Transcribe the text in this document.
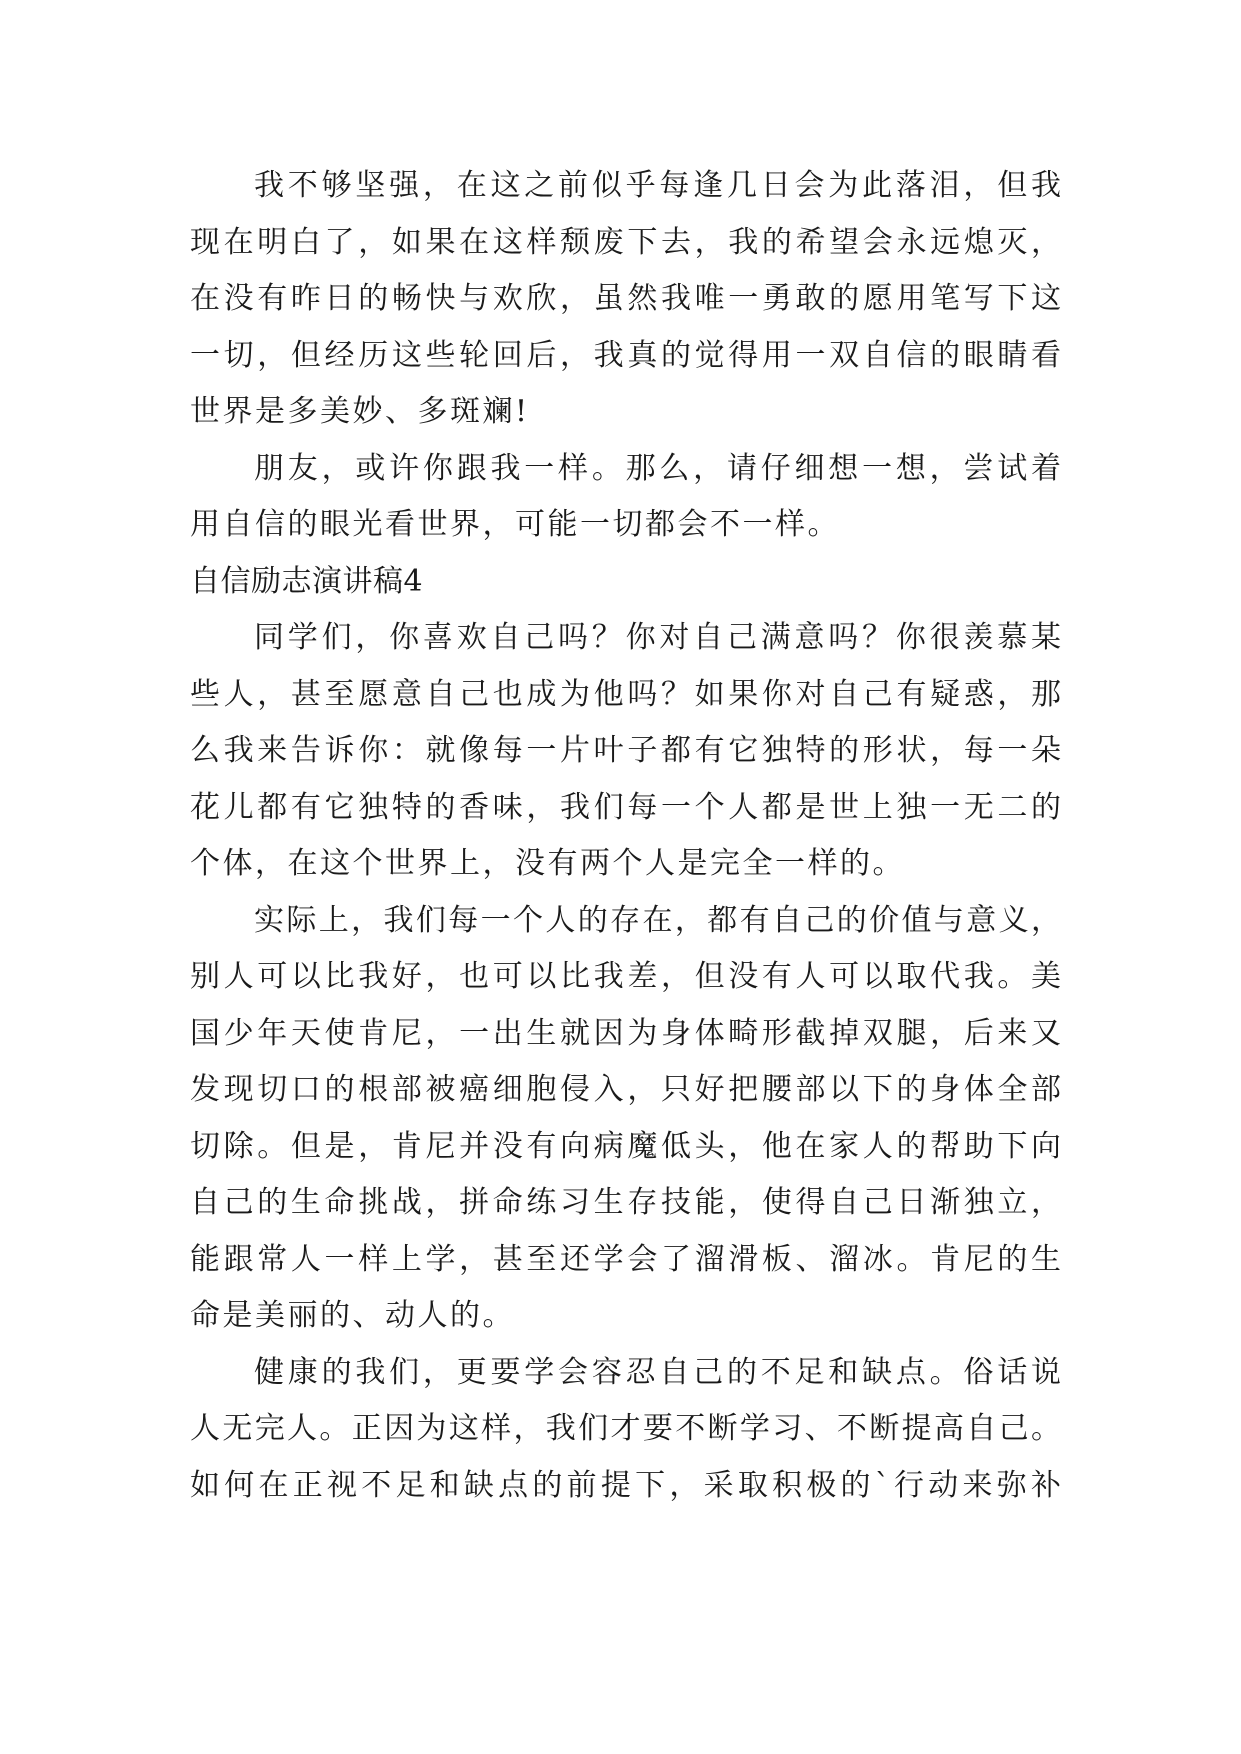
我不够坚强，在这之前似乎每逢几日会为此落泪，但我
现在明白了，如果在这样颓废下去，我的希望会永远熄灭，
在没有昨日的畅快与欢欣，虽然我唯一勇敢的愿用笔写下这
一切，但经历这些轮回后，我真的觉得用一双自信的眼睛看
世界是多美妙、多斑斓!
朋友，或许你跟我一样。那么，请仔细想一想，尝试着
用自信的眼光看世界，可能一切都会不一样。
自信励志演讲稿4
同学们，你喜欢自己吗？你对自己满意吗？你很羡慕某
些人，甚至愿意自己也成为他吗？如果你对自己有疑惑，那
么我来告诉你：就像每一片叶子都有它独特的形状，每一朵
花儿都有它独特的香味，我们每一个人都是世上独一无二的
个体，在这个世界上，没有两个人是完全一样的。
实际上，我们每一个人的存在，都有自己的价值与意义，
别人可以比我好，也可以比我差，但没有人可以取代我。美
国少年天使肯尼，一出生就因为身体畸形截掉双腿，后来又
发现切口的根部被癌细胞侵入，只好把腰部以下的身体全部
切除。但是，肯尼并没有向病魔低头，他在家人的帮助下向
自己的生命挑战，拼命练习生存技能，使得自己日渐独立，
能跟常人一样上学，甚至还学会了溜滑板、溜冰。肯尼的生
命是美丽的、动人的。
健康的我们，更要学会容忍自己的不足和缺点。俗话说
人无完人。正因为这样，我们才要不断学习、不断提高自己。
如何在正视不足和缺点的前提下，采取积极的`行动来弥补
